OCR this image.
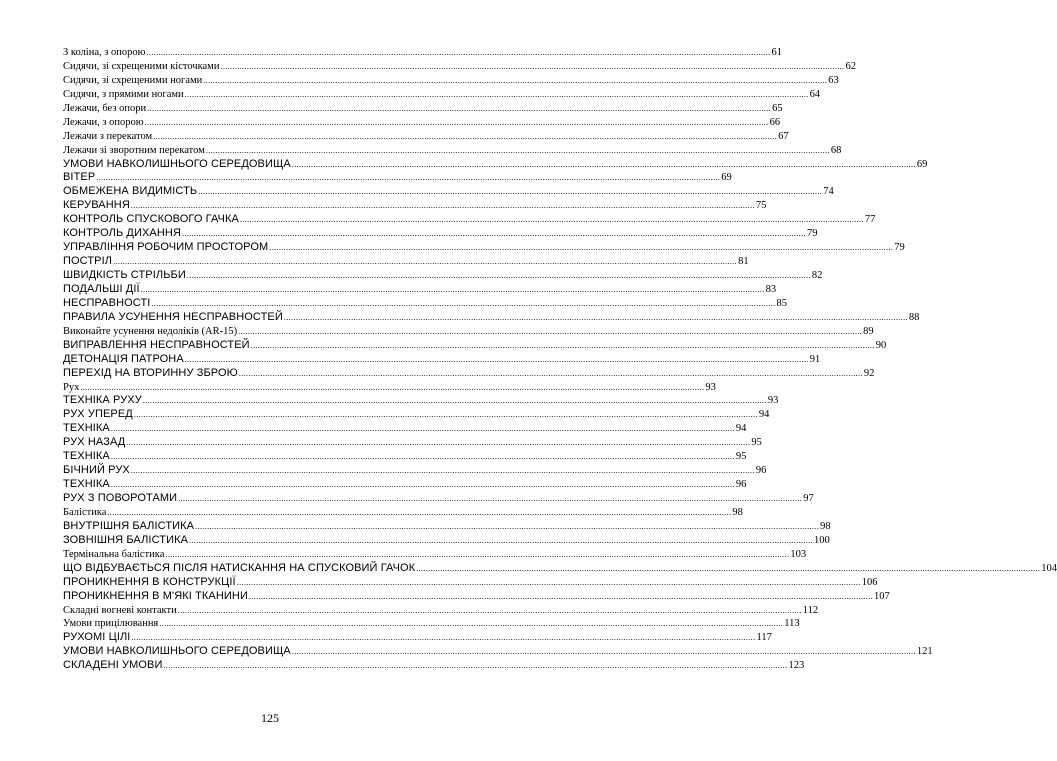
З коліна, з опорою .................................................................................................................................................................................................................................................................... 61
Сидячи, зі схрещеними кісточками .................................................................................................................................................................................................................................................................... 62
Сидячи, зі схрещеними ногами .................................................................................................................................................................................................................................................................... 63
Сидячи, з прямими ногами .................................................................................................................................................................................................................................................................... 64
Лежачи, без опори .................................................................................................................................................................................................................................................................... 65
Лежачи, з опорою .................................................................................................................................................................................................................................................................... 66
Лежачи з перекатом .................................................................................................................................................................................................................................................................... 67
Лежачи зі зворотним перекатом .................................................................................................................................................................................................................................................................... 68
УМОВИ НАВКОЛИШНЬОГО СЕРЕДОВИЩА .................................................................................................................................................................................................................................................................... 69
ВІТЕР .................................................................................................................................................................................................................................................................... 69
ОБМЕЖЕНА ВИДИМІСТЬ .................................................................................................................................................................................................................................................................... 74
КЕРУВАННЯ .................................................................................................................................................................................................................................................................... 75
КОНТРОЛЬ СПУСКОВОГО ГАЧКА .................................................................................................................................................................................................................................................................... 77
КОНТРОЛЬ ДИХАННЯ .................................................................................................................................................................................................................................................................... 79
УПРАВЛІННЯ РОБОЧИМ ПРОСТОРОМ .................................................................................................................................................................................................................................................................... 79
ПОСТРІЛ .................................................................................................................................................................................................................................................................... 81
ШВИДКІСТЬ СТРІЛЬБИ .................................................................................................................................................................................................................................................................... 82
ПОДАЛЬШІ ДІЇ .................................................................................................................................................................................................................................................................... 83
НЕСПРАВНОСТІ .................................................................................................................................................................................................................................................................... 85
ПРАВИЛА УСУНЕННЯ НЕСПРАВНОСТЕЙ .................................................................................................................................................................................................................................................................... 88
Виконайте усунення недоліків (AR-15) .................................................................................................................................................................................................................................................................... 89
ВИПРАВЛЕННЯ НЕСПРАВНОСТЕЙ .................................................................................................................................................................................................................................................................... 90
ДЕТОНАЦІЯ ПАТРОНА .................................................................................................................................................................................................................................................................... 91
ПЕРЕХІД НА ВТОРИННУ ЗБРОЮ .................................................................................................................................................................................................................................................................... 92
Рух .................................................................................................................................................................................................................................................................... 93
ТЕХНІКА РУХУ .................................................................................................................................................................................................................................................................... 93
РУХ УПЕРЕД .................................................................................................................................................................................................................................................................... 94
ТЕХНІКА .................................................................................................................................................................................................................................................................... 94
РУХ НАЗАД .................................................................................................................................................................................................................................................................... 95
ТЕХНІКА .................................................................................................................................................................................................................................................................... 95
БІЧНИЙ РУХ .................................................................................................................................................................................................................................................................... 96
ТЕХНІКА .................................................................................................................................................................................................................................................................... 96
РУХ З ПОВОРОТАМИ .................................................................................................................................................................................................................................................................... 97
Балістика .................................................................................................................................................................................................................................................................... 98
ВНУТРІШНЯ БАЛІСТИКА .................................................................................................................................................................................................................................................................... 98
ЗОВНІШНЯ БАЛІСТИКА .................................................................................................................................................................................................................................................................... 100
Термінальна балістика .................................................................................................................................................................................................................................................................... 103
ЩО ВІДБУВАЄТЬСЯ ПІСЛЯ НАТИСКАННЯ НА СПУСКОВИЙ ГАЧОК .................................................................................................................................................................................................................................................................... 104
ПРОНИКНЕННЯ В КОНСТРУКЦІЇ .................................................................................................................................................................................................................................................................... 106
ПРОНИКНЕННЯ В М'ЯКІ ТКАНИНИ .................................................................................................................................................................................................................................................................... 107
Складні вогневі контакти .................................................................................................................................................................................................................................................................... 112
Умови прицілювання .................................................................................................................................................................................................................................................................... 113
РУХОМІ ЦІЛІ .................................................................................................................................................................................................................................................................... 117
УМОВИ НАВКОЛИШНЬОГО СЕРЕДОВИЩА .................................................................................................................................................................................................................................................................... 121
СКЛАДЕНІ УМОВИ .................................................................................................................................................................................................................................................................... 123
125
